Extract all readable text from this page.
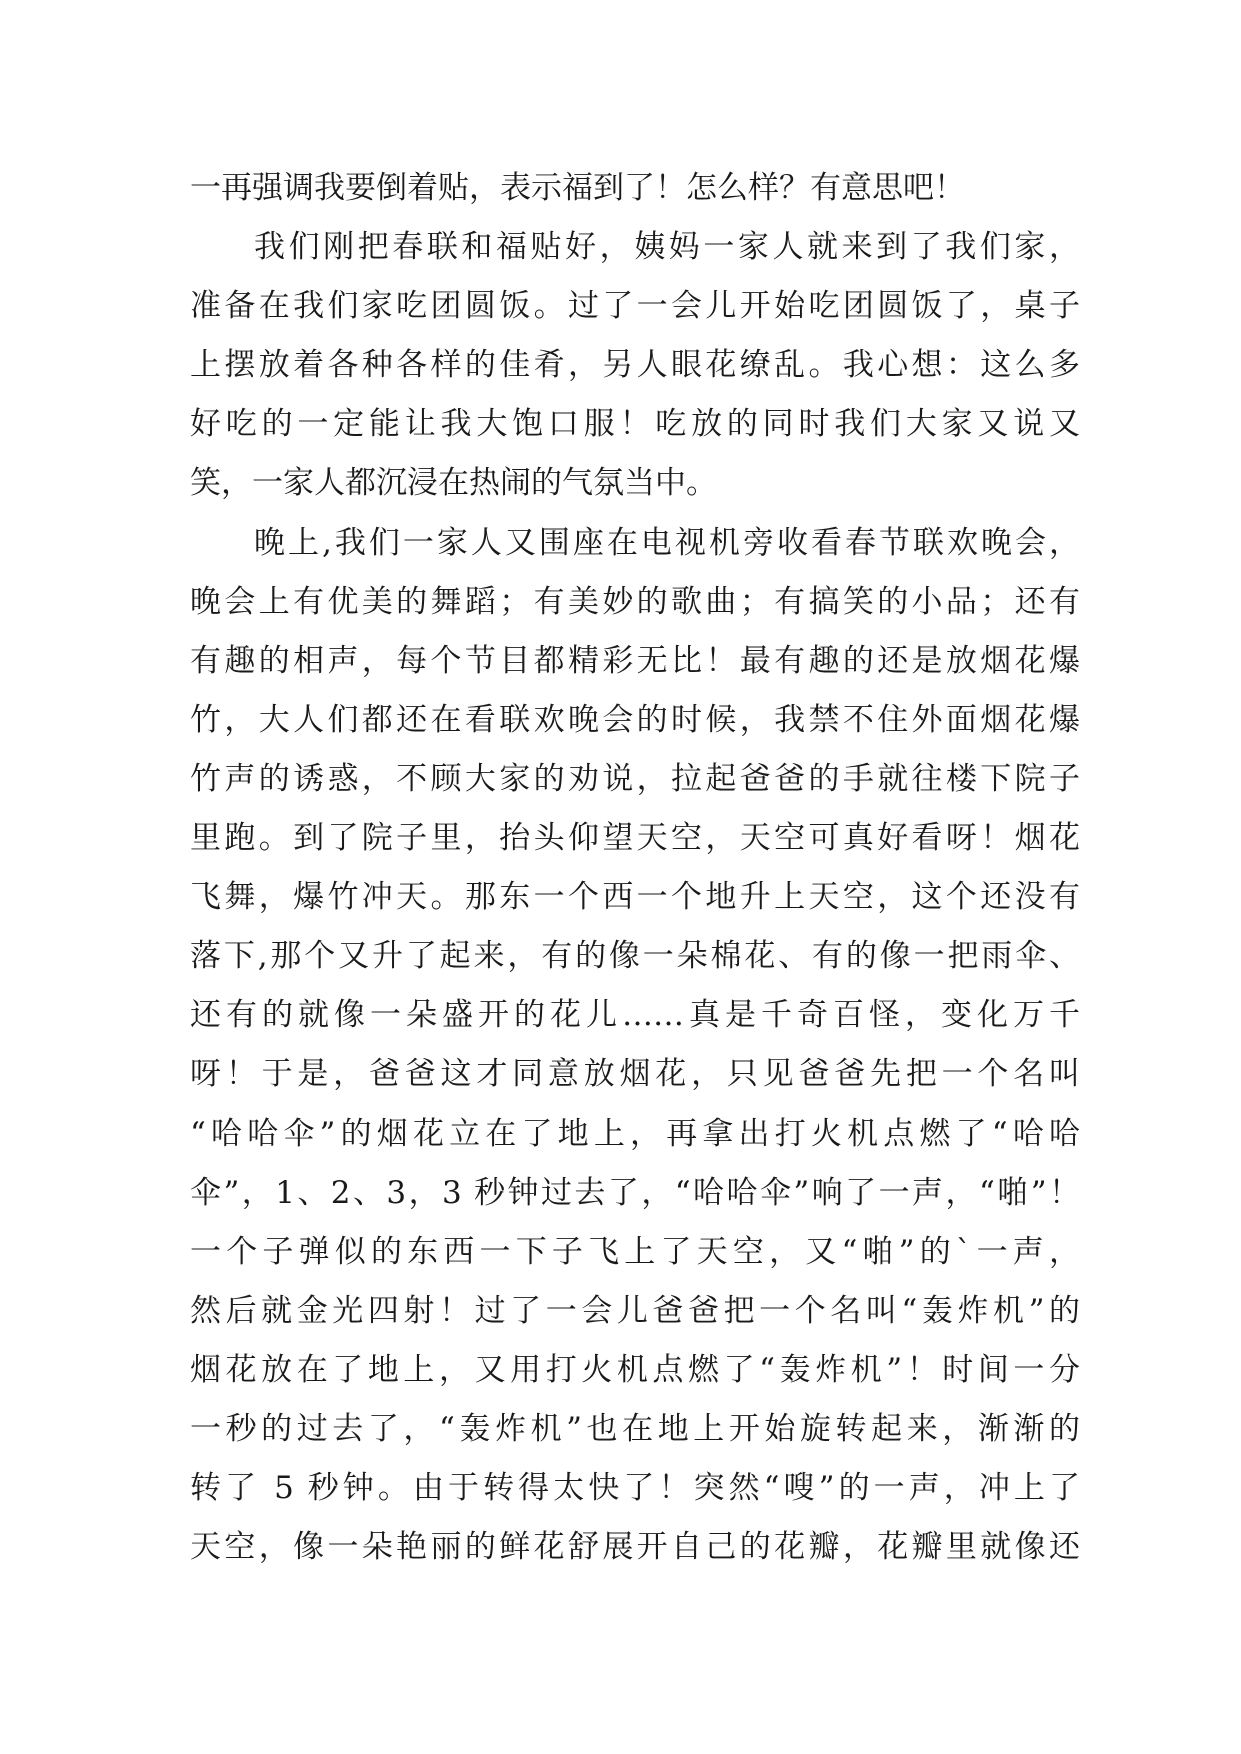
一再强调我要倒着贴，表示福到了！怎么样？有意思吧！
我们刚把春联和福贴好，姨妈一家人就来到了我们家，
准备在我们家吃团圆饭。过了一会儿开始吃团圆饭了，桌子
上摆放着各种各样的佳肴，另人眼花缭乱。我心想：这么多
好吃的一定能让我大饱口服！吃放的同时我们大家又说又
笑，一家人都沉浸在热闹的气氛当中。
晚上,我们一家人又围座在电视机旁收看春节联欢晚会，
晚会上有优美的舞蹈；有美妙的歌曲；有搞笑的小品；还有
有趣的相声，每个节目都精彩无比！最有趣的还是放烟花爆
竹，大人们都还在看联欢晚会的时候，我禁不住外面烟花爆
竹声的诱惑，不顾大家的劝说，拉起爸爸的手就往楼下院子
里跑。到了院子里，抬头仰望天空，天空可真好看呀！烟花
飞舞，爆竹冲天。那东一个西一个地升上天空，这个还没有
落下,那个又升了起来，有的像一朵棉花、有的像一把雨伞、
还有的就像一朵盛开的花儿……真是千奇百怪，变化万千
呀！于是，爸爸这才同意放烟花，只见爸爸先把一个名叫
“哈哈伞”的烟花立在了地上，再拿出打火机点燃了“哈哈
伞”，1、2、3，3 秒钟过去了，“哈哈伞”响了一声，“啪”！
一个子弹似的东西一下子飞上了天空，又“啪”的`一声，
然后就金光四射！过了一会儿爸爸把一个名叫“轰炸机”的
烟花放在了地上，又用打火机点燃了“轰炸机”！时间一分
一秒的过去了，“轰炸机”也在地上开始旋转起来，渐渐的
转了 5 秒钟。由于转得太快了！突然“嗖”的一声，冲上了
天空，像一朵艳丽的鲜花舒展开自己的花瓣，花瓣里就像还
